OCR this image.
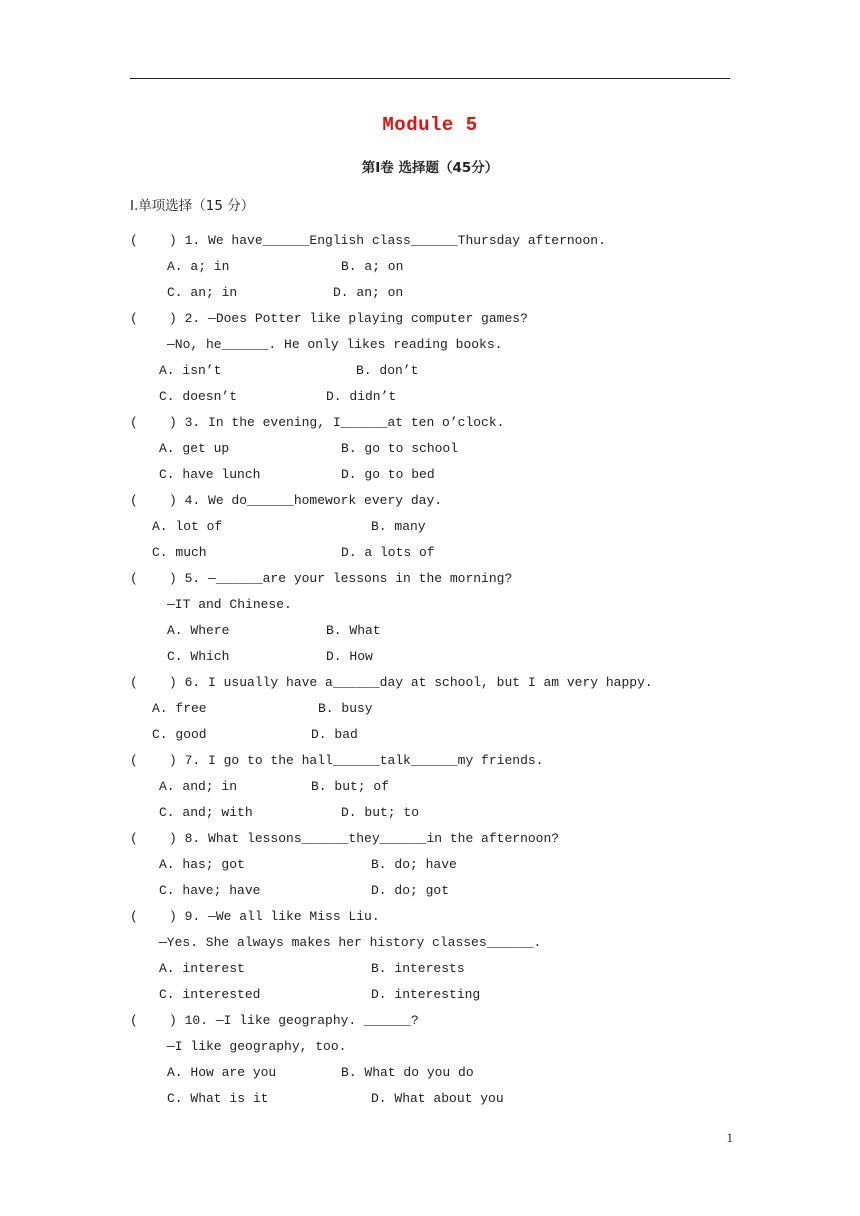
Module 5
第Ⅰ卷 选择题（45分）
Ⅰ.单项选择（15 分）
(    ) 1. We have______English class______Thursday afternoon.
A. a; in	B. a; on
C. an; in	D. an; on
(    ) 2. —Does Potter like playing computer games?
—No, he______. He only likes reading books.
A. isn’t	B. don’t
C. doesn’t	D. didn’t
(    ) 3. In the evening, I______at ten o’clock.
A. get up	B. go to school
C. have lunch	D. go to bed
(    ) 4. We do______homework every day.
A. lot of	B. many
C. much	D. a lots of
(    ) 5. —______are your lessons in the morning?
—IT and Chinese.
A. Where	B. What
C. Which	D. How
(    ) 6. I usually have a______day at school, but I am very happy.
A. free	B. busy
C. good	D. bad
(    ) 7. I go to the hall______talk______my friends.
A. and; in	B. but; of
C. and; with	D. but; to
(    ) 8. What lessons______they______in the afternoon?
A. has; got	B. do; have
C. have; have	D. do; got
(    ) 9. —We all like Miss Liu.
—Yes. She always makes her history classes______.
A. interest	B. interests
C. interested	D. interesting
(    ) 10. —I like geography. ______?
—I like geography, too.
A. How are you	B. What do you do
C. What is it	D. What about you
1
